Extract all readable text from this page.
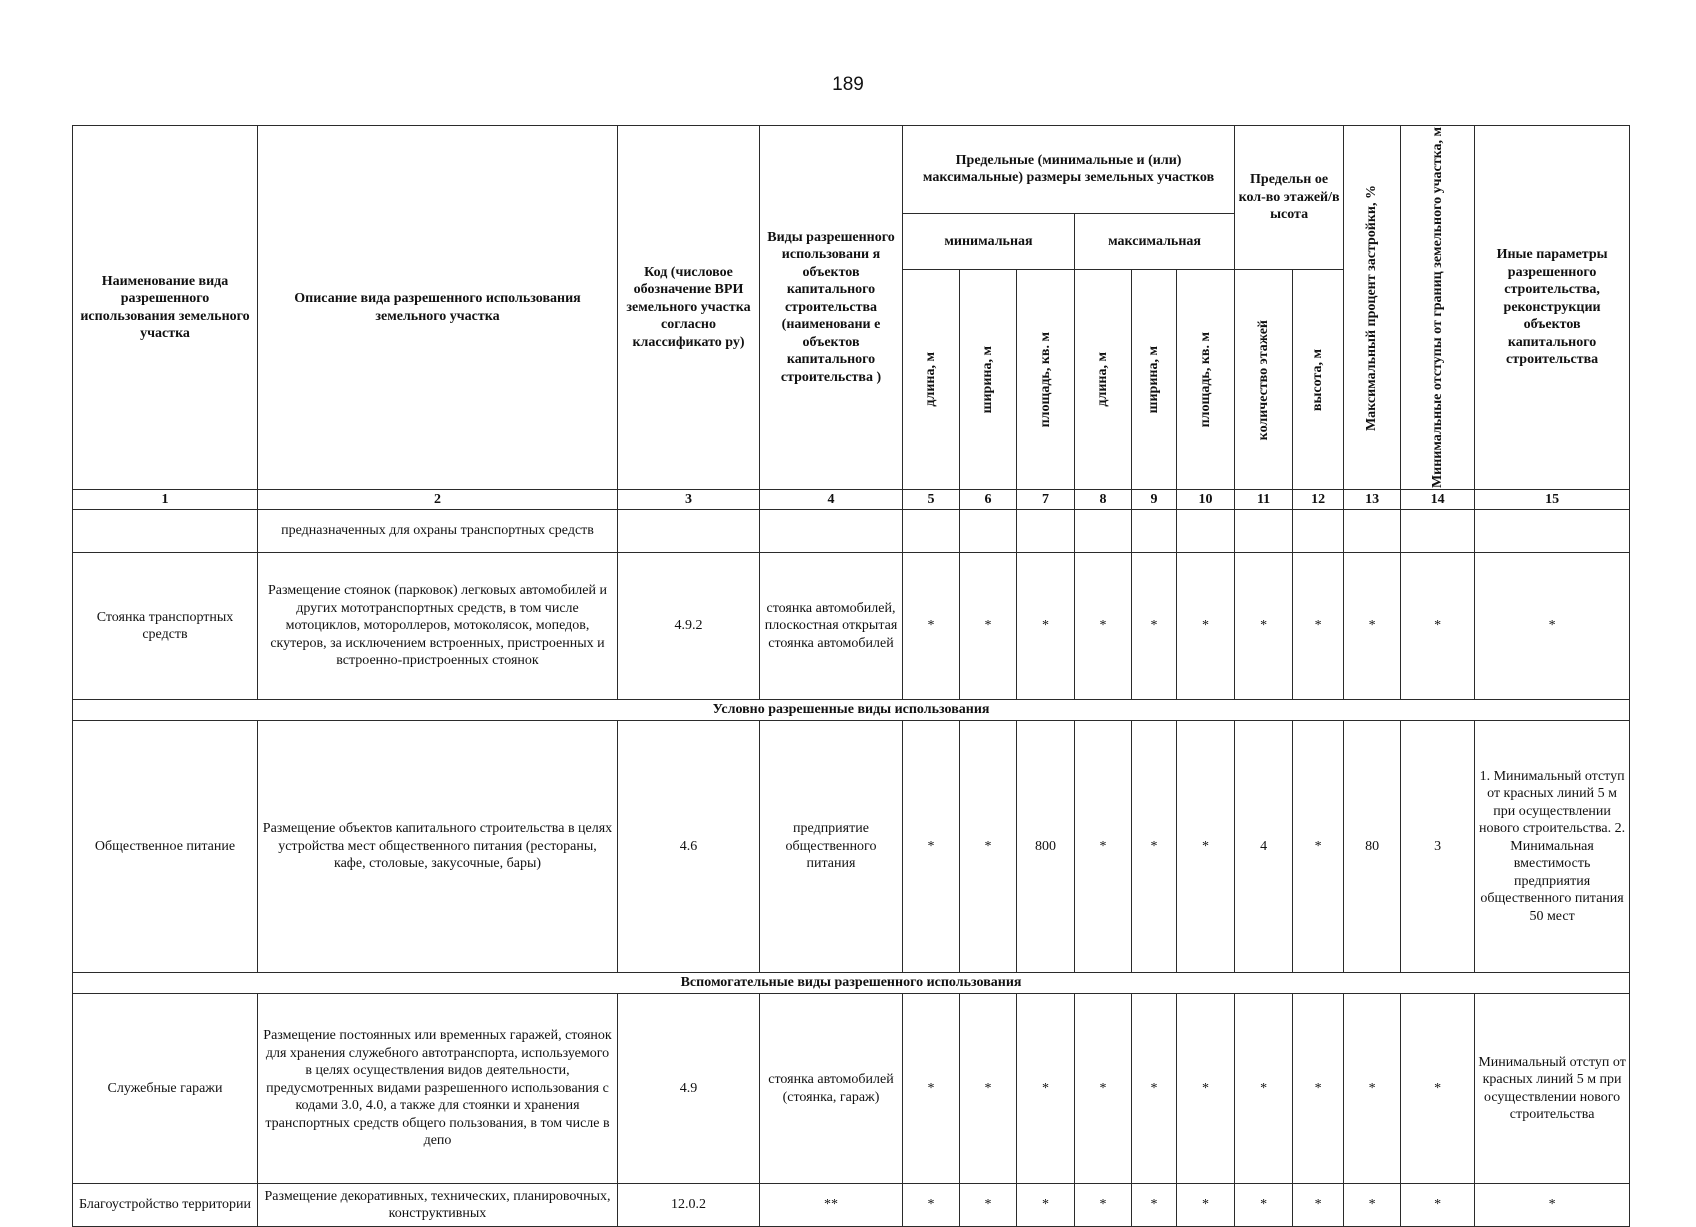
189
Наименование вида разрешенного использования земельного участка	Описание вида разрешенного использования земельного участка	Код (числовое обозначение ВРИ земельного участка согласно классификато ру)	Виды разрешенного использовани я объектов капитального строительства (наименовани е объектов капитального строительства )	Предельные (минимальные и (или) максимальные) размеры земельных участков						Предельн ое кол-во этажей/в ысота		Максимальный процент застройки, %	Минимальные отступы от границ земельного участка, м	Иные параметры разрешенного строительства, реконструкции объектов капитального строительства
				минимальная			максимальная							

				длина, м	ширина, м	площадь, кв. м	длина, м	ширина, м	площадь, кв. м	количество этажей	высота, м			

1	2	3	4	5	6	7	8	9	10	11	12	13	14	15
	предназначенных для охраны транспортных средств													
Стоянка транспортных средств	Размещение стоянок (парковок) легковых автомобилей и других мототранспортных средств, в том числе мотоциклов, мотороллеров, мотоколясок, мопедов, скутеров, за исключением встроенных, пристроенных и встроенно-пристроенных стоянок	4.9.2	стоянка автомобилей, плоскостная открытая стоянка автомобилей	*	*	*	*	*	*	*	*	*	*	*
Условно разрешенные виды использования														
Общественное питание	Размещение объектов капитального строительства в целях устройства мест общественного питания (рестораны, кафе, столовые, закусочные, бары)	4.6	предприятие общественного питания	*	*	800	*	*	*	4	*	80	3	1. Минимальный отступ от красных линий 5 м при осуществлении нового строительства. 2. Минимальная вместимость предприятия общественного питания 50 мест
Вспомогательные виды разрешенного использования														
Служебные гаражи	Размещение постоянных или временных гаражей, стоянок для хранения служебного автотранспорта, используемого в целях осуществления видов деятельности, предусмотренных видами разрешенного использования с кодами 3.0, 4.0, а также для стоянки и хранения транспортных средств общего пользования, в том числе в депо	4.9	стоянка автомобилей (стоянка, гараж)	*	*	*	*	*	*	*	*	*	*	Минимальный отступ от красных линий 5 м при осуществлении нового строительства
Благоустройство территории	Размещение декоративных, технических, планировочных, конструктивных	12.0.2	**	*	*	*	*	*	*	*	*	*	*	*
